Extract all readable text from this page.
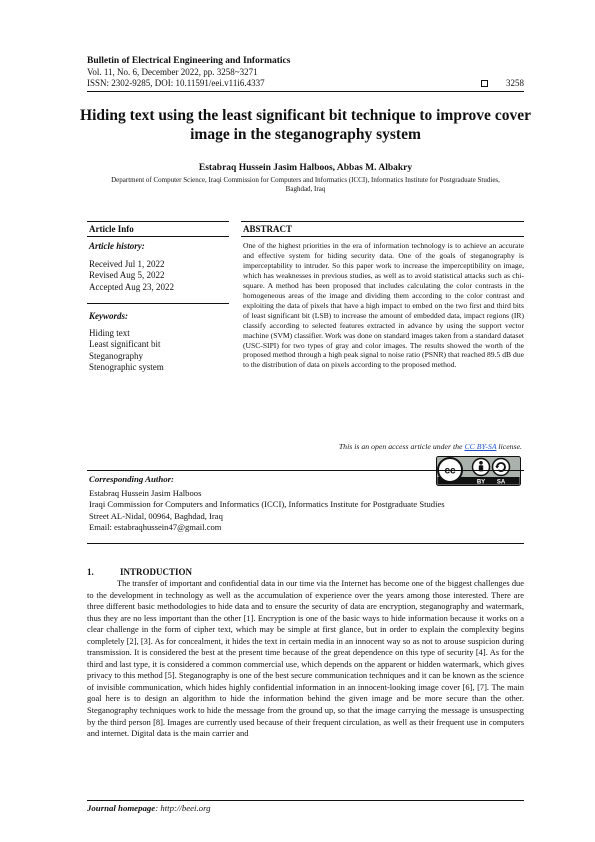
Bulletin of Electrical Engineering and Informatics
Vol. 11, No. 6, December 2022, pp. 3258~3271
ISSN: 2302-9285, DOI: 10.11591/eei.v11i6.4337	3258
Hiding text using the least significant bit technique to improve cover image in the steganography system
Estabraq Hussein Jasim Halboos, Abbas M. Albakry
Department of Computer Science, Iraqi Commission for Computers and Informatics (ICCI), Informatics Institute for Postgraduate Studies, Baghdad, Iraq
Article Info
Article history:
Received Jul 1, 2022
Revised Aug 5, 2022
Accepted Aug 23, 2022
Keywords:
Hiding text
Least significant bit
Steganography
Stenographic system
ABSTRACT
One of the highest priorities in the era of information technology is to achieve an accurate and effective system for hiding security data. One of the goals of steganography is imperceptability to intruder. So this paper work to increase the imperceptibility on image, which has weaknesses in previous studies, as well as to avoid statistical attacks such as chi-square. A method has been proposed that includes calculating the color contrasts in the homogeneous areas of the image and dividing them according to the color contrast and exploiting the data of pixels that have a high impact to embed on the two first and third bits of least significant bit (LSB) to increase the amount of embedded data, impact regions (IR) classify according to selected features extracted in advance by using the support vector machine (SVM) classifier. Work was done on standard images taken from a standard dataset (USC-SIPI) for two types of gray and color images. The results showed the worth of the proposed method through a high peak signal to noise ratio (PSNR) that reached 89.5 dB due to the distribution of data on pixels according to the proposed method.
This is an open access article under the CC BY-SA license.
cc
BY SA
Corresponding Author:
Estabraq Hussein Jasim Halboos
Iraqi Commission for Computers and Informatics (ICCI), Informatics Institute for Postgraduate Studies
Street AL-Nidal, 00964, Baghdad, Iraq
Email: estabraqhussein47@gmail.com
1.	INTRODUCTION
The transfer of important and confidential data in our time via the Internet has become one of the biggest challenges due to the development in technology as well as the accumulation of experience over the years among those interested. There are three different basic methodologies to hide data and to ensure the security of data are encryption, steganography and watermark, thus they are no less important than the other [1]. Encryption is one of the basic ways to hide information because it works on a clear challenge in the form of cipher text, which may be simple at first glance, but in order to explain the complexity begins completely [2], [3]. As for concealment, it hides the text in certain media in an innocent way so as not to arouse suspicion during transmission. It is considered the best at the present time because of the great dependence on this type of security [4]. As for the third and last type, it is considered a common commercial use, which depends on the apparent or hidden watermark, which gives privacy to this method [5]. Steganography is one of the best secure communication techniques and it can be known as the science of invisible communication, which hides highly confidential information in an innocent-looking image cover [6], [7]. The main goal here is to design an algorithm to hide the information behind the given image and be more secure than the other. Steganography techniques work to hide the message from the ground up, so that the image carrying the message is unsuspecting by the third person [8]. Images are currently used because of their frequent circulation, as well as their frequent use in computers and internet. Digital data is the main carrier and
Journal homepage: http://beei.org
